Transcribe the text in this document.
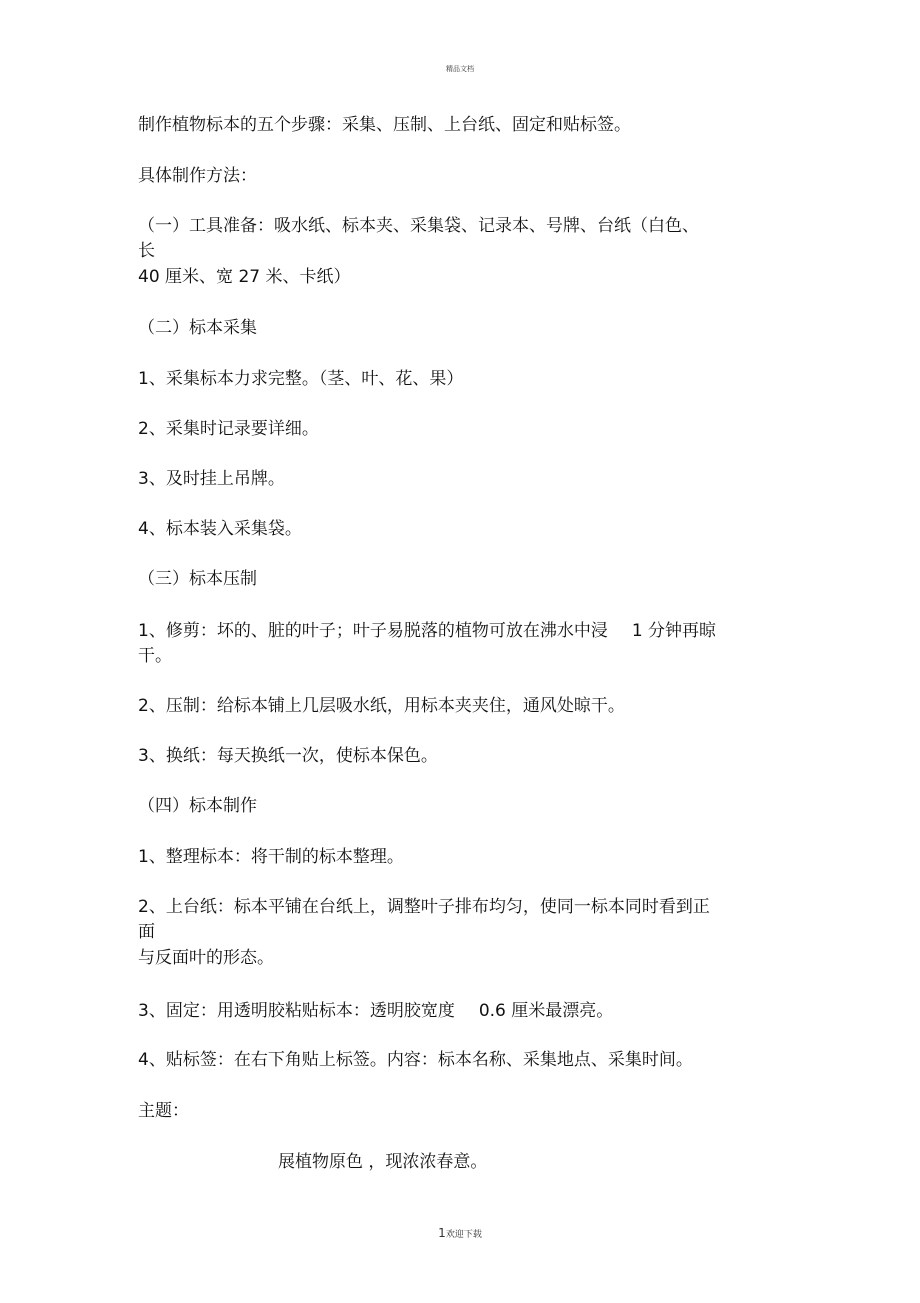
精品文档
制作植物标本的五个步骤：采集、压制、上台纸、固定和贴标签。
具体制作方法：
（一）工具准备：吸水纸、标本夹、采集袋、记录本、号牌、台纸（白色、
长
40 厘米、宽 27 米、卡纸）
（二）标本采集
1、采集标本力求完整。（茎、叶、花、果）
2、采集时记录要详细。
3、及时挂上吊牌。
4、标本装入采集袋。
（三）标本压制
1、修剪：坏的、脏的叶子；叶子易脱落的植物可放在沸水中浸 1 分钟再晾
干。
2、压制：给标本铺上几层吸水纸，用标本夹夹住，通风处晾干。
3、换纸：每天换纸一次，使标本保色。
（四）标本制作
1、整理标本：将干制的标本整理。
2、上台纸：标本平铺在台纸上，调整叶子排布均匀，使同一标本同时看到正
面
与反面叶的形态。
3、固定：用透明胶粘贴标本：透明胶宽度 0.6 厘米最漂亮。
4、贴标签：在右下角贴上标签。内容：标本名称、采集地点、采集时间。
主题：
展植物原色 ，现浓浓春意。
1欢迎下载
